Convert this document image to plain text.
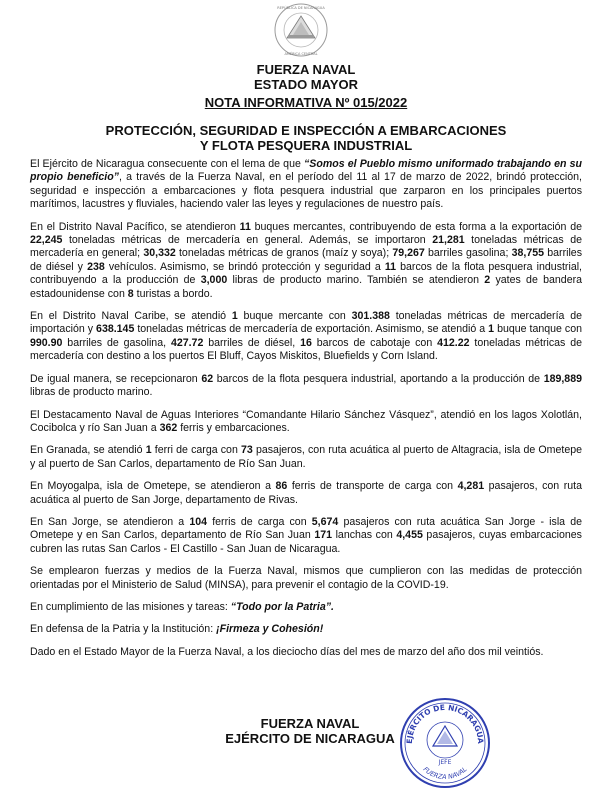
REPÚBLICA DE NICARAGUA
AMÉRICA CENTRAL
FUERZA NAVAL
ESTADO MAYOR
NOTA INFORMATIVA Nº 015/2022
PROTECCIÓN, SEGURIDAD E INSPECCIÓN A EMBARCACIONES
Y FLOTA PESQUERA INDUSTRIAL

El Ejército de Nicaragua consecuente con el lema de que “Somos el Pueblo mismo uniformado trabajando en su propio beneficio”, a través de la Fuerza Naval, en el período del 11 al 17 de marzo de 2022, brindó protección, seguridad e inspección a embarcaciones y flota pesquera industrial que zarparon en los principales puertos marítimos, lacustres y fluviales, haciendo valer las leyes y regulaciones de nuestro país.

En el Distrito Naval Pacífico, se atendieron 11 buques mercantes, contribuyendo de esta forma a la exportación de 22,245 toneladas métricas de mercadería en general. Además, se importaron 21,281 toneladas métricas de mercadería en general; 30,332 toneladas métricas de granos (maíz y soya); 79,267 barriles gasolina; 38,755 barriles de diésel y 238 vehículos. Asimismo, se brindó protección y seguridad a 11 barcos de la flota pesquera industrial, contribuyendo a la producción de 3,000 libras de producto marino. También se atendieron 2 yates de bandera estadounidense con 8 turistas a bordo.

En el Distrito Naval Caribe, se atendió 1 buque mercante con 301.388 toneladas métricas de mercadería de importación y 638.145 toneladas métricas de mercadería de exportación. Asimismo, se atendió a 1 buque tanque con 990.90 barriles de gasolina, 427.72 barriles de diésel, 16 barcos de cabotaje con 412.22 toneladas métricas de mercadería con destino a los puertos El Bluff, Cayos Miskitos, Bluefields y Corn Island.

De igual manera, se recepcionaron 62 barcos de la flota pesquera industrial, aportando a la producción de 189,889 libras de producto marino.

El Destacamento Naval de Aguas Interiores “Comandante Hilario Sánchez Vásquez”, atendió en los lagos Xolotlán, Cocibolca y río San Juan a 362 ferris y embarcaciones.

En Granada, se atendió 1 ferri de carga con 73 pasajeros, con ruta acuática al puerto de Altagracia, isla de Ometepe y al puerto de San Carlos, departamento de Río San Juan.

En Moyogalpa, isla de Ometepe, se atendieron a 86 ferris de transporte de carga con 4,281 pasajeros, con ruta acuática al puerto de San Jorge, departamento de Rivas.

En San Jorge, se atendieron a 104 ferris de carga con 5,674 pasajeros con ruta acuática San Jorge - isla de Ometepe y en San Carlos, departamento de Río San Juan 171 lanchas con 4,455 pasajeros, cuyas embarcaciones cubren las rutas San Carlos - El Castillo - San Juan de Nicaragua.

Se emplearon fuerzas y medios de la Fuerza Naval, mismos que cumplieron con las medidas de protección orientadas por el Ministerio de Salud (MINSA), para prevenir el contagio de la COVID-19.

En cumplimiento de las misiones y tareas: “Todo por la Patria”.

En defensa de la Patria y la Institución: ¡Firmeza y Cohesión!

Dado en el Estado Mayor de la Fuerza Naval, a los dieciocho días del mes de marzo del año dos mil veintiós.

FUERZA NAVAL
EJÉRCITO DE NICARAGUA	EJÉRCITO DE NICARAGUA
JEFE
FUERZA NAVAL
